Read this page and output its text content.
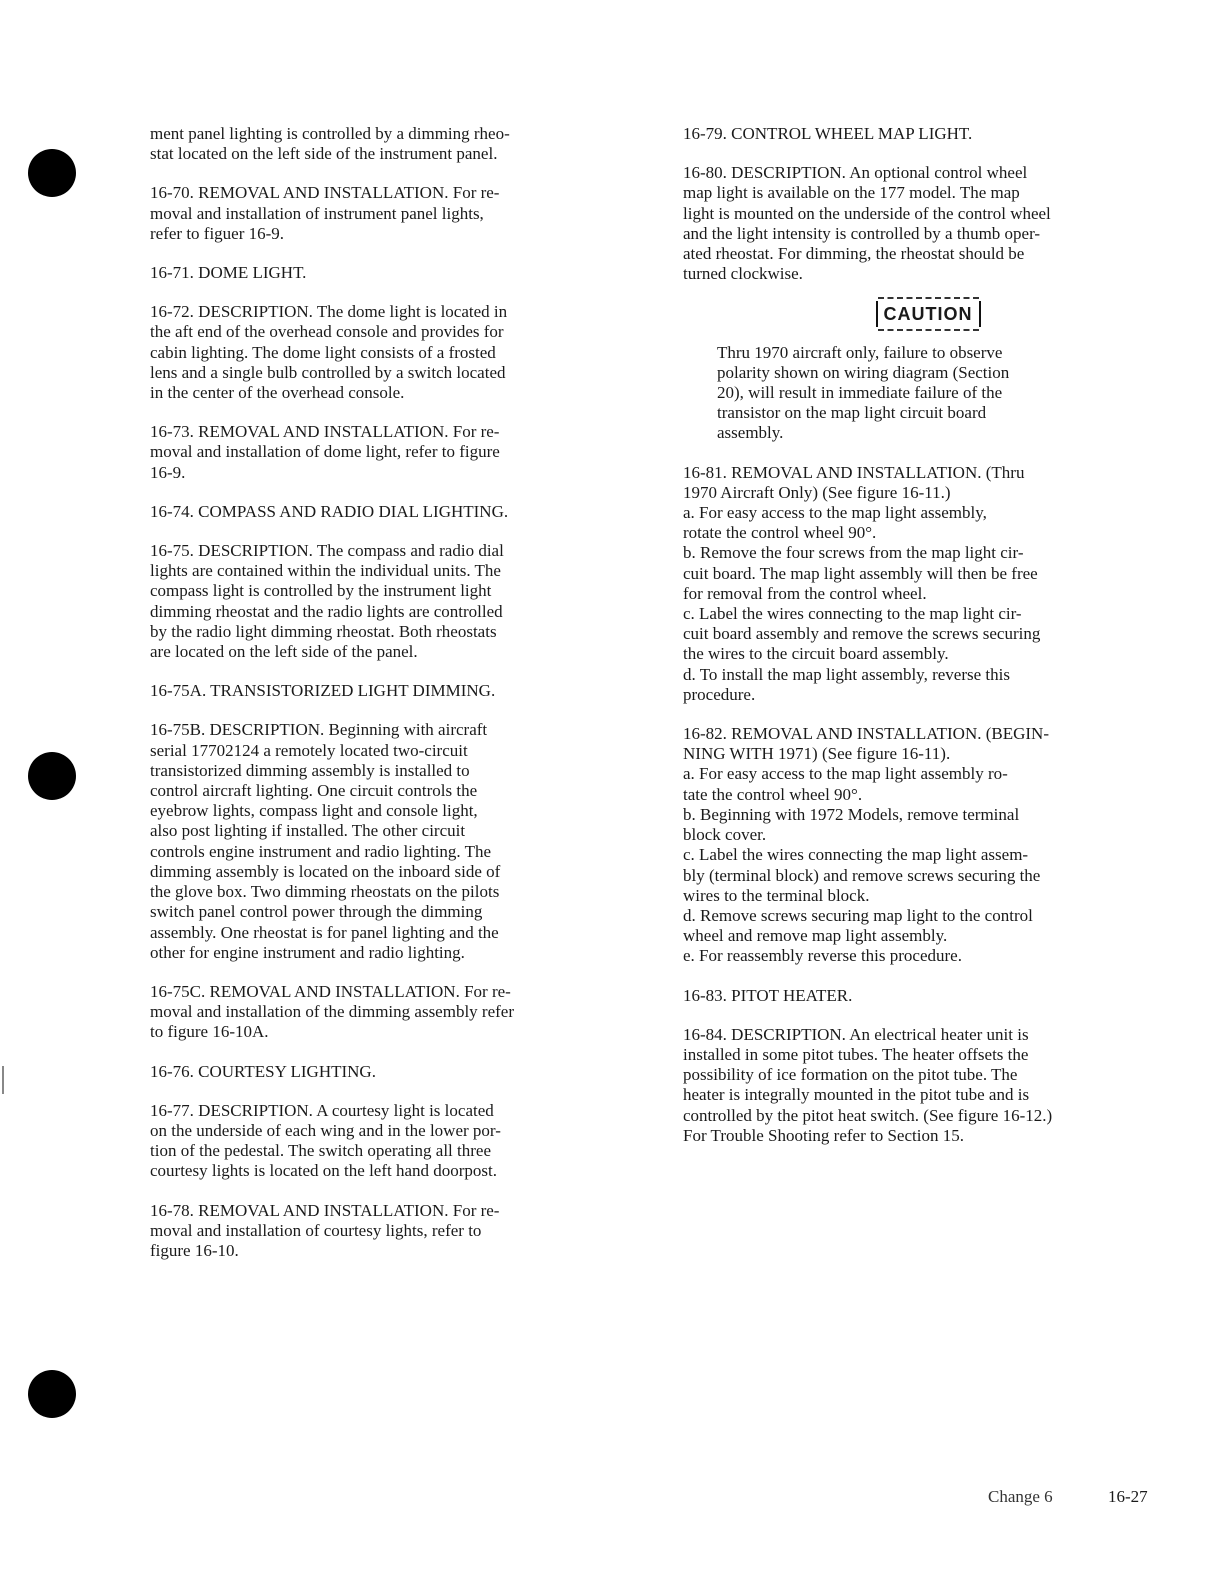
ment panel lighting is controlled by a dimming rheo-
stat located on the left side of the instrument panel.

16-70. REMOVAL AND INSTALLATION. For re-
moval and installation of instrument panel lights,
refer to figuer 16-9.

16-71. DOME LIGHT.

16-72. DESCRIPTION. The dome light is located in
the aft end of the overhead console and provides for
cabin lighting. The dome light consists of a frosted
lens and a single bulb controlled by a switch located
in the center of the overhead console.

16-73. REMOVAL AND INSTALLATION. For re-
moval and installation of dome light, refer to figure
16-9.

16-74. COMPASS AND RADIO DIAL LIGHTING.

16-75. DESCRIPTION. The compass and radio dial
lights are contained within the individual units. The
compass light is controlled by the instrument light
dimming rheostat and the radio lights are controlled
by the radio light dimming rheostat. Both rheostats
are located on the left side of the panel.

16-75A. TRANSISTORIZED LIGHT DIMMING.

16-75B. DESCRIPTION. Beginning with aircraft
serial 17702124 a remotely located two-circuit
transistorized dimming assembly is installed to
control aircraft lighting. One circuit controls the
eyebrow lights, compass light and console light,
also post lighting if installed. The other circuit
controls engine instrument and radio lighting. The
dimming assembly is located on the inboard side of
the glove box. Two dimming rheostats on the pilots
switch panel control power through the dimming
assembly. One rheostat is for panel lighting and the
other for engine instrument and radio lighting.

16-75C. REMOVAL AND INSTALLATION. For re-
moval and installation of the dimming assembly refer
to figure 16-10A.

16-76. COURTESY LIGHTING.

16-77. DESCRIPTION. A courtesy light is located
on the underside of each wing and in the lower por-
tion of the pedestal. The switch operating all three
courtesy lights is located on the left hand doorpost.

16-78. REMOVAL AND INSTALLATION. For re-
moval and installation of courtesy lights, refer to
figure 16-10.

16-79. CONTROL WHEEL MAP LIGHT.

16-80. DESCRIPTION. An optional control wheel
map light is available on the 177 model. The map
light is mounted on the underside of the control wheel
and the light intensity is controlled by a thumb oper-
ated rheostat. For dimming, the rheostat should be
turned clockwise.

CAUTION

Thru 1970 aircraft only, failure to observe
polarity shown on wiring diagram (Section
20), will result in immediate failure of the
transistor on the map light circuit board
assembly.

16-81. REMOVAL AND INSTALLATION. (Thru
1970 Aircraft Only) (See figure 16-11.)

a. For easy access to the map light assembly,
rotate the control wheel 90°.
b. Remove the four screws from the map light cir-
cuit board. The map light assembly will then be free
for removal from the control wheel.
c. Label the wires connecting to the map light cir-
cuit board assembly and remove the screws securing
the wires to the circuit board assembly.
d. To install the map light assembly, reverse this
procedure.

16-82. REMOVAL AND INSTALLATION. (BEGIN-
NING WITH 1971) (See figure 16-11).

a. For easy access to the map light assembly ro-
tate the control wheel 90°.
b. Beginning with 1972 Models, remove terminal
block cover.
c. Label the wires connecting the map light assem-
bly (terminal block) and remove screws securing the
wires to the terminal block.
d. Remove screws securing map light to the control
wheel and remove map light assembly.
e. For reassembly reverse this procedure.

16-83. PITOT HEATER.

16-84. DESCRIPTION. An electrical heater unit is
installed in some pitot tubes. The heater offsets the
possibility of ice formation on the pitot tube. The
heater is integrally mounted in the pitot tube and is
controlled by the pitot heat switch. (See figure 16-12.)
For Trouble Shooting refer to Section 15.

Change 6	16-27
